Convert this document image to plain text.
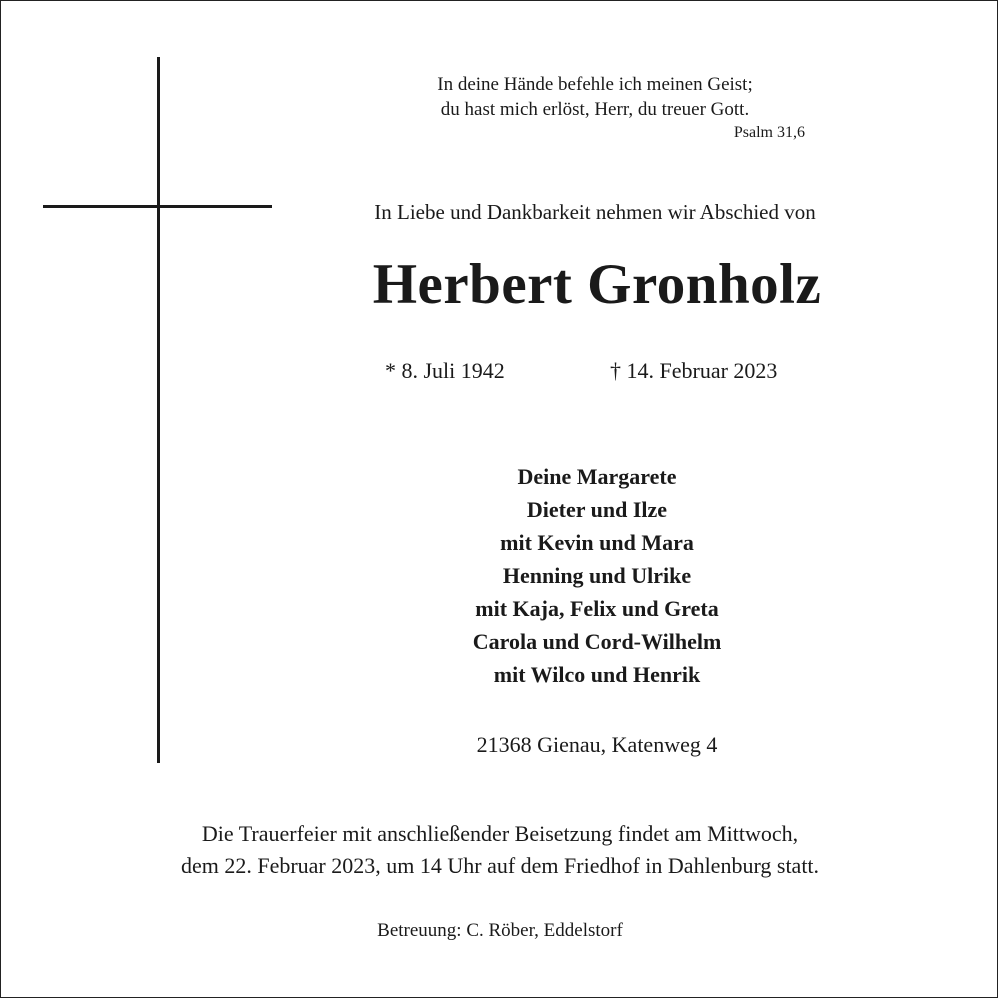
In deine Hände befehle ich meinen Geist;
du hast mich erlöst, Herr, du treuer Gott.
Psalm 31,6
In Liebe und Dankbarkeit nehmen wir Abschied von
Herbert Gronholz
* 8. Juli 1942	† 14. Februar 2023
Deine Margarete
Dieter und Ilze
mit Kevin und Mara
Henning und Ulrike
mit Kaja, Felix und Greta
Carola und Cord-Wilhelm
mit Wilco und Henrik
21368 Gienau, Katenweg 4
Die Trauerfeier mit anschließender Beisetzung findet am Mittwoch,
dem 22. Februar 2023, um 14 Uhr auf dem Friedhof in Dahlenburg statt.
Betreuung: C. Röber, Eddelstorf
